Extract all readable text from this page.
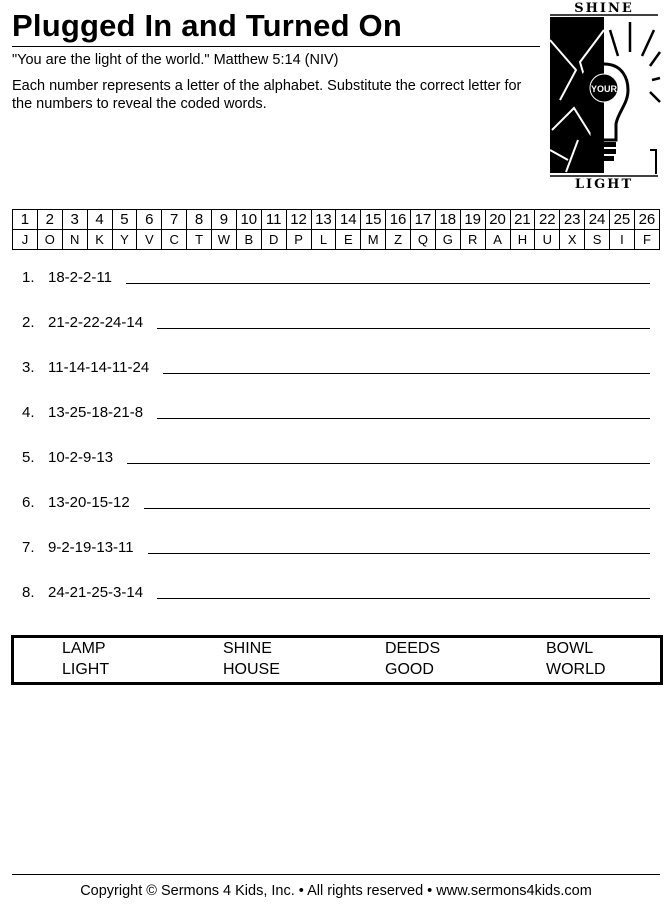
Plugged In and Turned On
"You are the light of the world." Matthew 5:14 (NIV)
Each number represents a letter of the alphabet. Substitute the correct letter for the numbers to reveal the coded words.
SHINE
YOUR
LIGHT
1	2	3	4	5	6	7	8	9	10	11	12	13	14	15	16	17	18	19	20	21	22	23	24	25	26
J	O	N	K	Y	V	C	T	W	B	D	P	L	E	M	Z	Q	G	R	A	H	U	X	S	I	F
1. 18-2-2-11
2. 21-2-22-24-14
3. 11-14-14-11-24
4. 13-25-18-21-8
5. 10-2-9-13
6. 13-20-15-12
7. 9-2-19-13-11
8. 24-21-25-3-14
LAMP	SHINE	DEEDS	BOWL
LIGHT	HOUSE	GOOD	WORLD
Copyright © Sermons 4 Kids, Inc. • All rights reserved • www.sermons4kids.com
